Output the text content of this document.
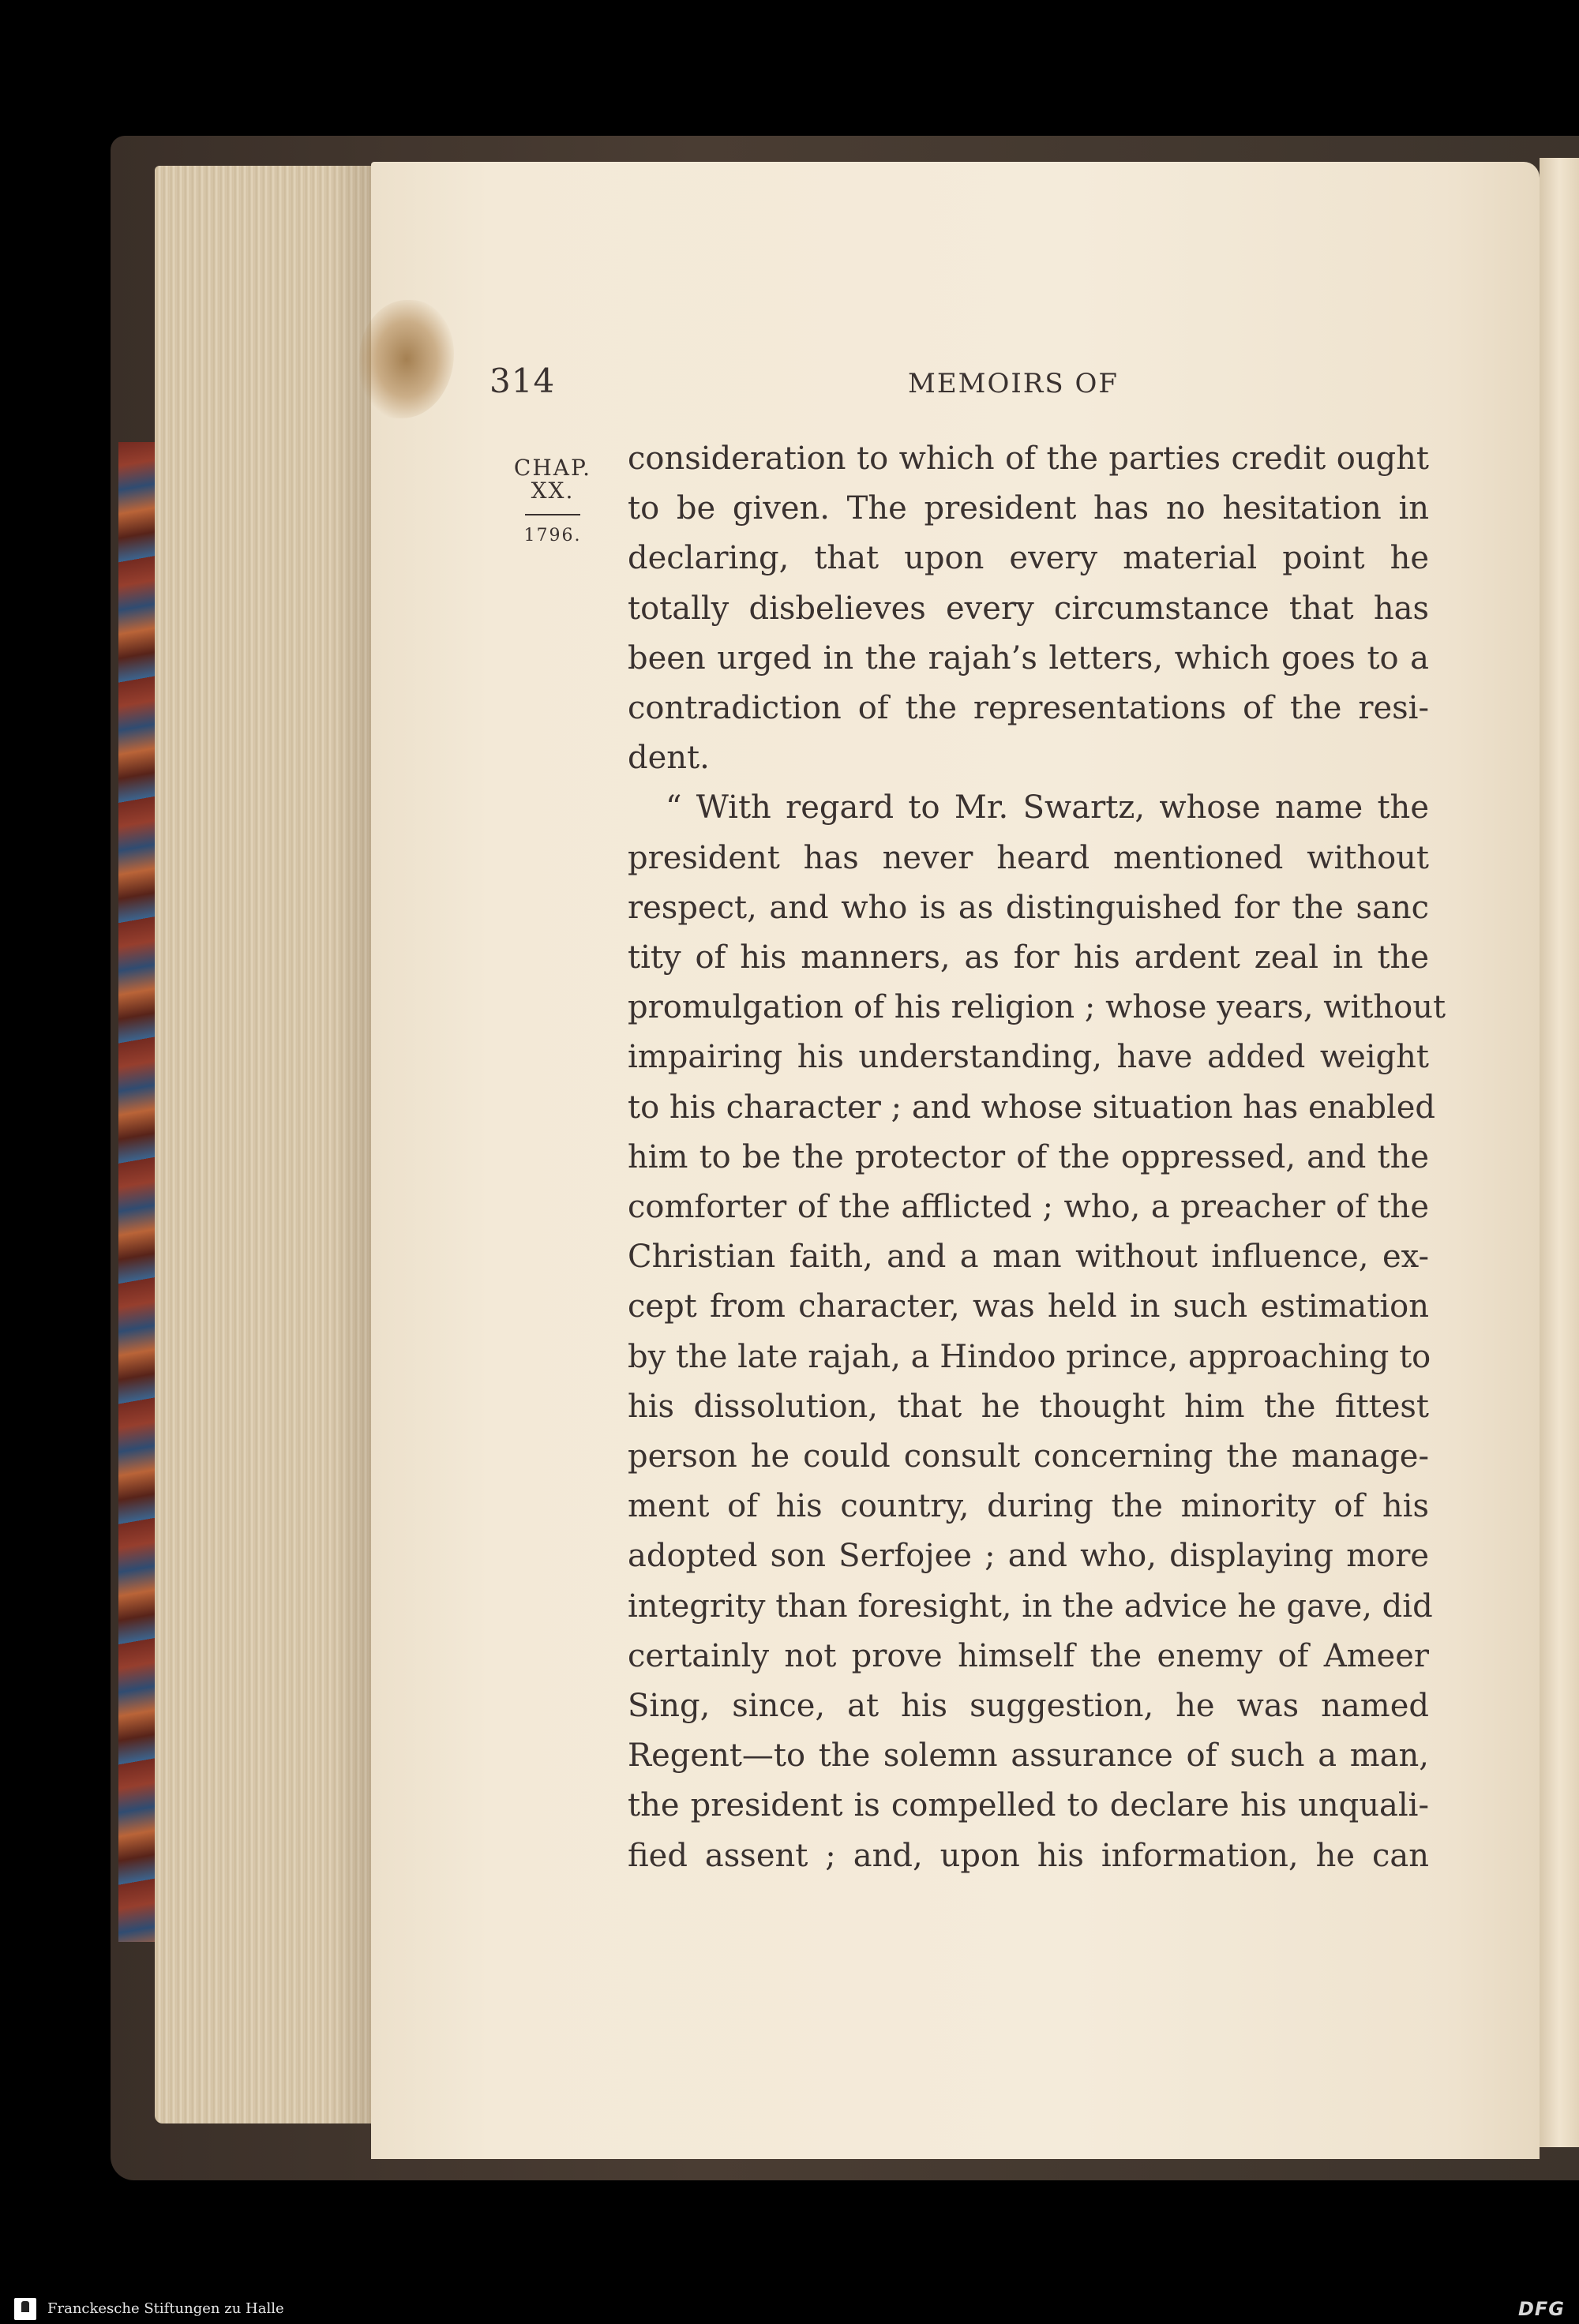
314	MEMOIRS OF
CHAP.
XX.
1796.
consideration to which of the parties credit ought
to be given. The president has no hesitation in
declaring, that upon every material point he
totally disbelieves every circumstance that has
been urged in the rajah’s letters, which goes to a
contradiction of the representations of the resi-
dent.
“ With regard to Mr. Swartz, whose name the
president has never heard mentioned without
respect, and who is as distinguished for the sanc
tity of his manners, as for his ardent zeal in the
promulgation of his religion ; whose years, without
impairing his understanding, have added weight
to his character ; and whose situation has enabled
him to be the protector of the oppressed, and the
comforter of the afflicted ; who, a preacher of the
Christian faith, and a man without influence, ex-
cept from character, was held in such estimation
by the late rajah, a Hindoo prince, approaching to
his dissolution, that he thought him the fittest
person he could consult concerning the manage-
ment of his country, during the minority of his
adopted son Serfojee ; and who, displaying more
integrity than foresight, in the advice he gave, did
certainly not prove himself the enemy of Ameer
Sing, since, at his suggestion, he was named
Regent—to the solemn assurance of such a man,
the president is compelled to declare his unquali-
fied assent ; and, upon his information, he can
Franckesche Stiftungen zu Halle	DFG
